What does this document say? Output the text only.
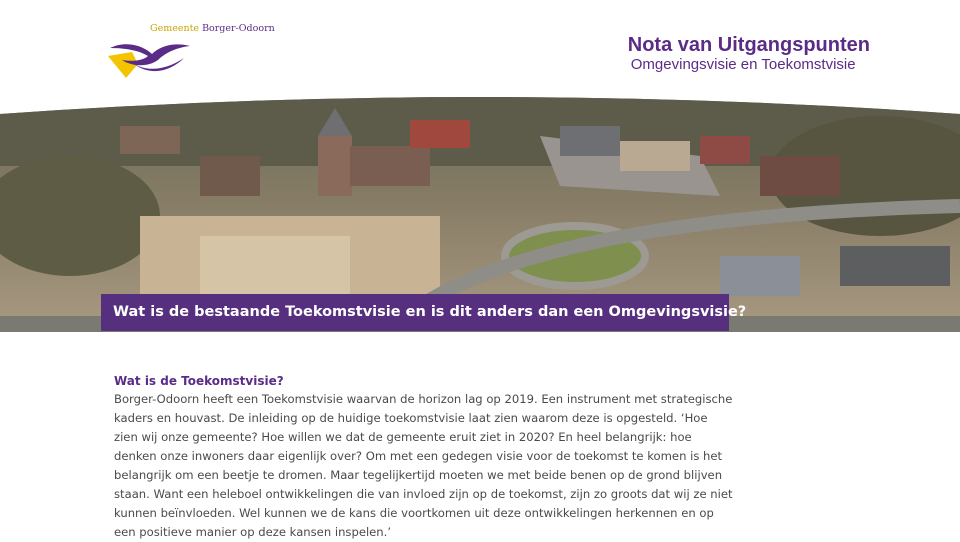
Gemeente Borger-Odoorn

Nota van Uitgangspunten

Omgevingsvisie en Toekomstvisie

Wat is de bestaande Toekomstvisie en is dit anders dan een Omgevingsvisie?

Wat is de Toekomstvisie?

Borger-Odoorn heeft een Toekomstvisie waarvan de horizon lag op 2019. Een instrument met strategische kaders en houvast. De inleiding op de huidige toekomstvisie laat zien waarom deze is opgesteld. ‘Hoe zien wij onze gemeente? Hoe willen we dat de gemeente eruit ziet in 2020? En heel belangrijk: hoe denken onze inwoners daar eigenlijk over? Om met een gedegen visie voor de toekomst te komen is het belangrijk om een beetje te dromen. Maar tegelijkertijd moeten we met beide benen op de grond blijven staan. Want een heleboel ontwikkelingen die van invloed zijn op de toekomst, zijn zo groots dat wij ze niet kunnen beïnvloeden. Wel kunnen we de kans die voortkomen uit deze ontwikkelingen herkennen en op een positieve manier op deze kansen inspelen.’
